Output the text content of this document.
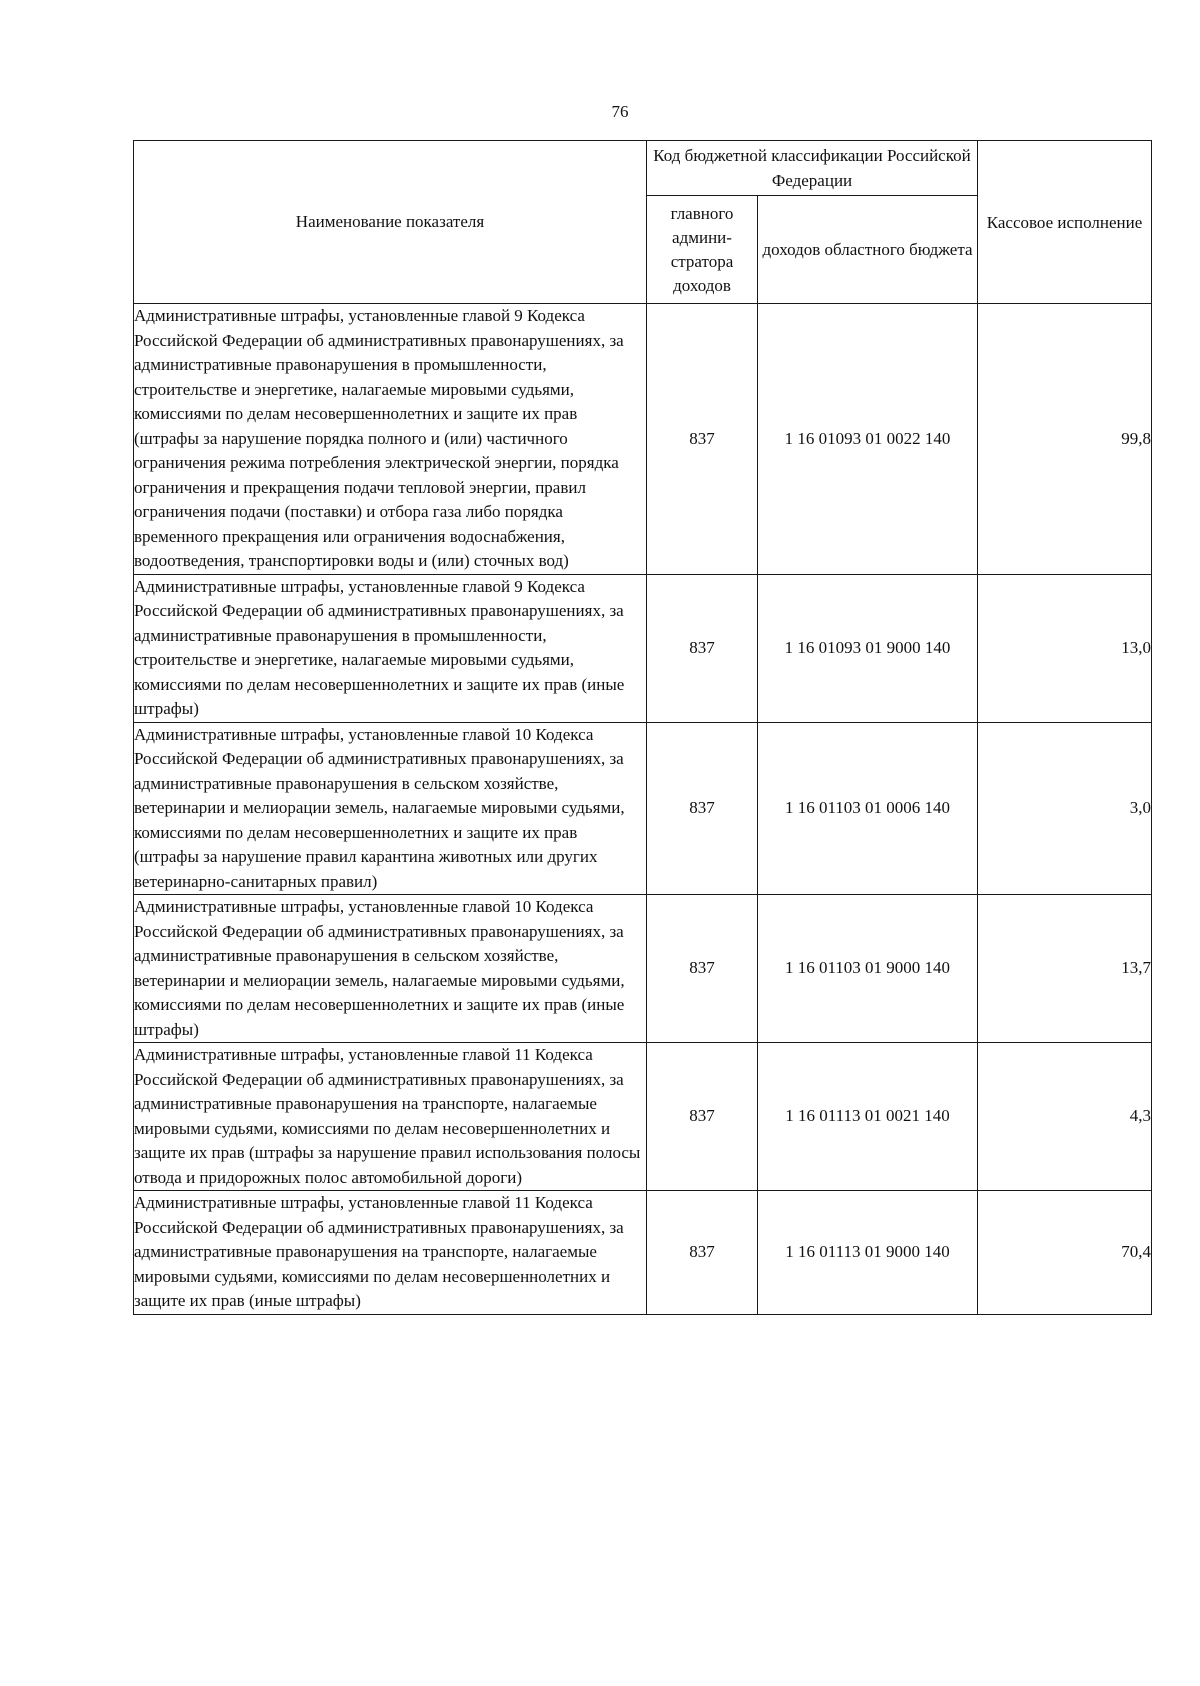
76
Наименование показателя	Код бюджетной классификации Российской Федерации		Кассовое исполнение
	главного админи-стратора доходов	доходов областного бюджета	
Административные штрафы, установленные главой 9 Кодекса Российской Федерации об административных правонарушениях, за административные правонарушения в промышленности, строительстве и энергетике, налагаемые мировыми судьями, комиссиями по делам несовершеннолетних и защите их прав (штрафы за нарушение порядка полного и (или) частичного ограничения режима потребления электрической энергии, порядка ограничения и прекращения подачи тепловой энергии, правил ограничения подачи (поставки) и отбора газа либо порядка временного прекращения или ограничения водоснабжения, водоотведения, транспортировки воды и (или) сточных вод)	837	1 16 01093 01 0022 140	99,8
Административные штрафы, установленные главой 9 Кодекса Российской Федерации об административных правонарушениях, за административные правонарушения в промышленности, строительстве и энергетике, налагаемые мировыми судьями, комиссиями по делам несовершеннолетних и защите их прав (иные штрафы)	837	1 16 01093 01 9000 140	13,0
Административные штрафы, установленные главой 10 Кодекса Российской Федерации об административных правонарушениях, за административные правонарушения в сельском хозяйстве, ветеринарии и мелиорации земель, налагаемые мировыми судьями, комиссиями по делам несовершеннолетних и защите их прав (штрафы за нарушение правил карантина животных или других ветеринарно-санитарных правил)	837	1 16 01103 01 0006 140	3,0
Административные штрафы, установленные главой 10 Кодекса Российской Федерации об административных правонарушениях, за административные правонарушения в сельском хозяйстве, ветеринарии и мелиорации земель, налагаемые мировыми судьями, комиссиями по делам несовершеннолетних и защите их прав (иные штрафы)	837	1 16 01103 01 9000 140	13,7
Административные штрафы, установленные главой 11 Кодекса Российской Федерации об административных правонарушениях, за административные правонарушения на транспорте, налагаемые мировыми судьями, комиссиями по делам несовершеннолетних и защите их прав (штрафы за нарушение правил использования полосы отвода и придорожных полос автомобильной дороги)	837	1 16 01113 01 0021 140	4,3
Административные штрафы, установленные главой 11 Кодекса Российской Федерации об административных правонарушениях, за административные правонарушения на транспорте, налагаемые мировыми судьями, комиссиями по делам несовершеннолетних и защите их прав (иные штрафы)	837	1 16 01113 01 9000 140	70,4
